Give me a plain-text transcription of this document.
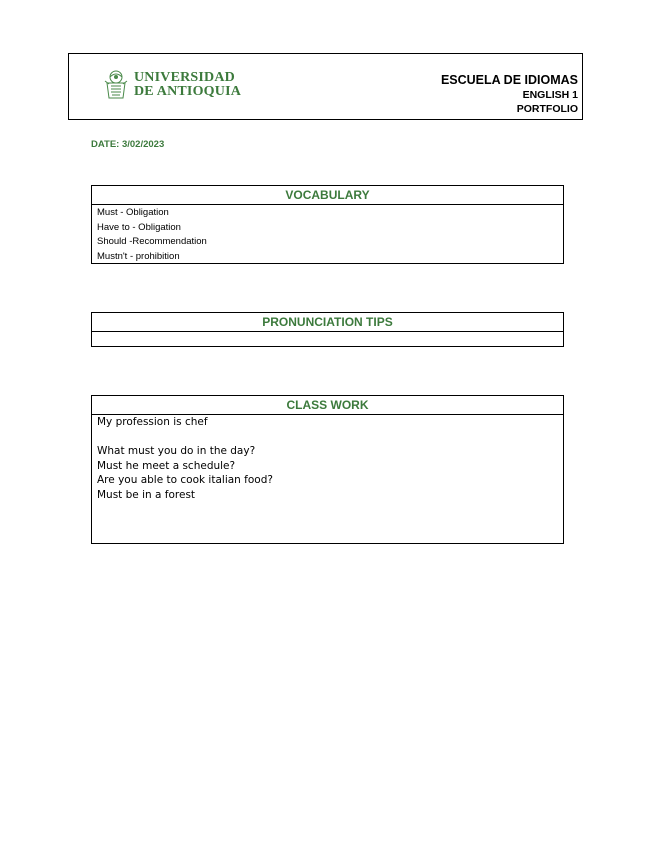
UNIVERSIDAD
DE ANTIOQUIA
ESCUELA DE IDIOMAS
ENGLISH 1
PORTFOLIO
DATE: 3/02/2023
VOCABULARY
Must - Obligation
Have to - Obligation
Should -Recommendation
Mustn't - prohibition
PRONUNCIATION TIPS
CLASS WORK
My profession is chef
What must you do in the day?
Must he meet a schedule?
Are you able to cook italian food?
Must be in a forest
